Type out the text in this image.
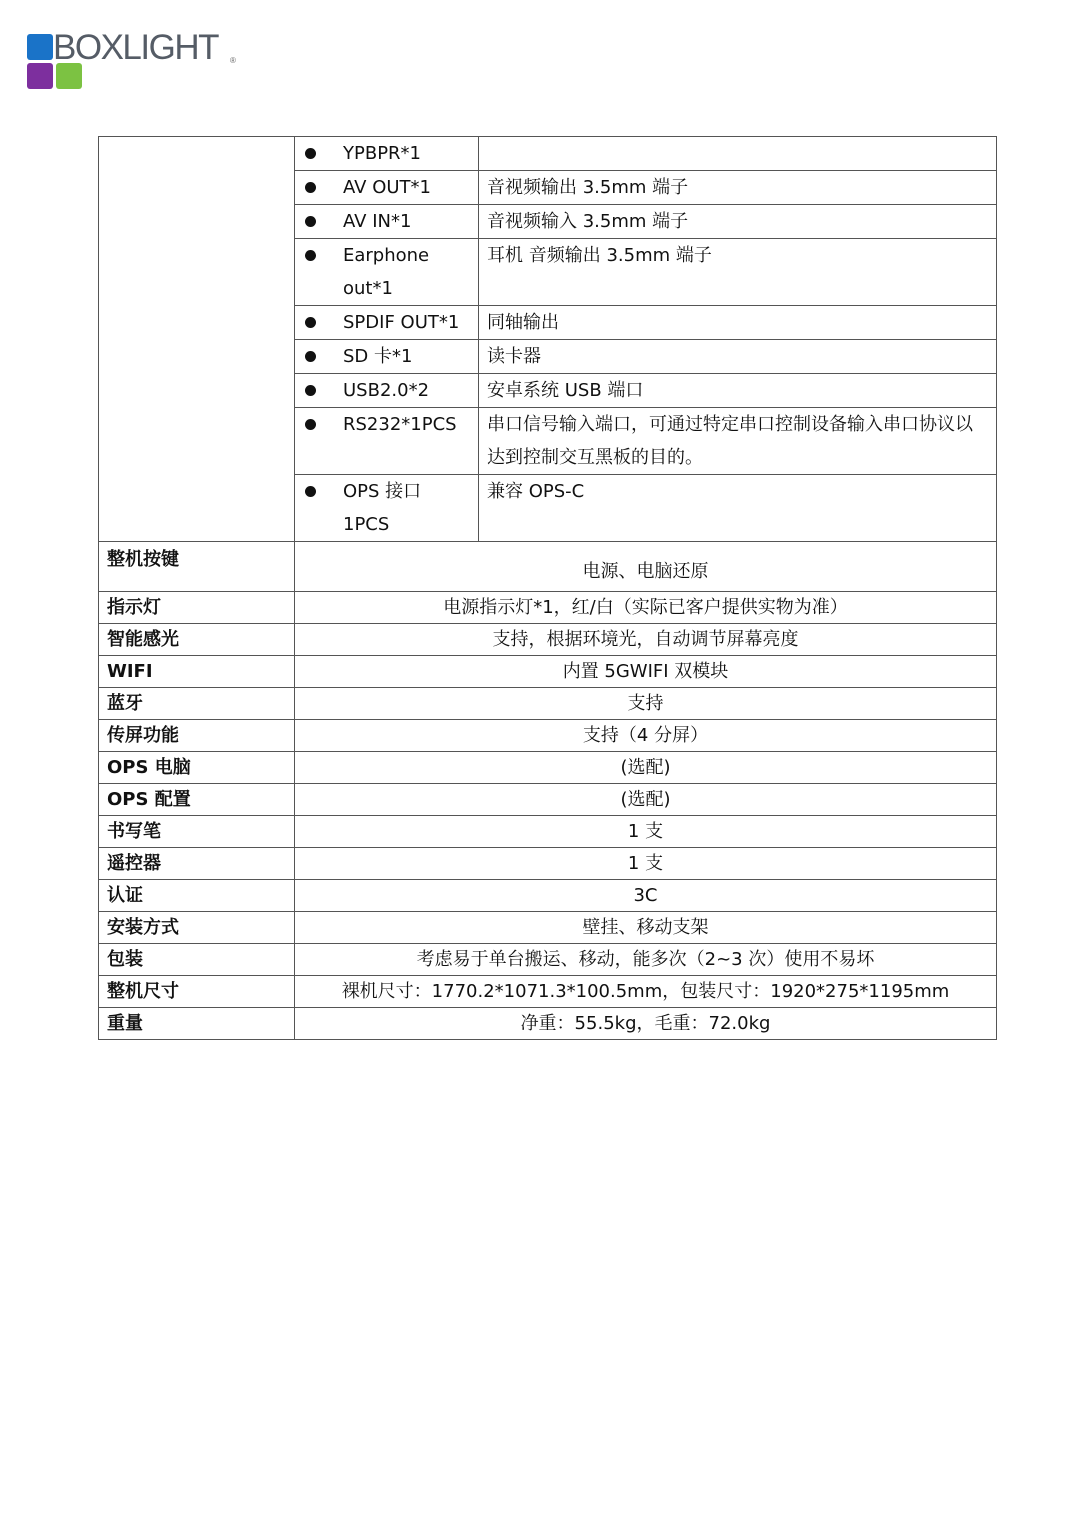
BOXLIGHT ®

	YPBPR*1	

	AV OUT*1	音视频输出 3.5mm 端子

	AV IN*1	音视频输入 3.5mm 端子

	Earphone out*1	耳机 音频输出 3.5mm 端子

	SPDIF OUT*1	同轴输出

	SD 卡*1	读卡器

	USB2.0*2	安卓系统 USB 端口

	RS232*1PCS	串口信号输入端口，可通过特定串口控制设备输入串口协议以达到控制交互黑板的目的。

	OPS 接口 1PCS	兼容 OPS-C
整机按键	电源、电脑还原	
指示灯	电源指示灯*1，红/白（实际已客户提供实物为准）	
智能感光	支持，根据环境光，自动调节屏幕亮度	
WIFI	内置 5GWIFI 双模块	
蓝牙	支持	
传屏功能	支持（4 分屏）	
OPS 电脑	(选配)	
OPS 配置	(选配)	
书写笔	1 支	
遥控器	1 支	
认证	3C	
安装方式	壁挂、移动支架	
包装	考虑易于单台搬运、移动，能多次（2~3 次）使用不易坏	
整机尺寸	裸机尺寸：1770.2*1071.3*100.5mm，包装尺寸：1920*275*1195mm	
重量	净重：55.5kg，毛重：72.0kg	
